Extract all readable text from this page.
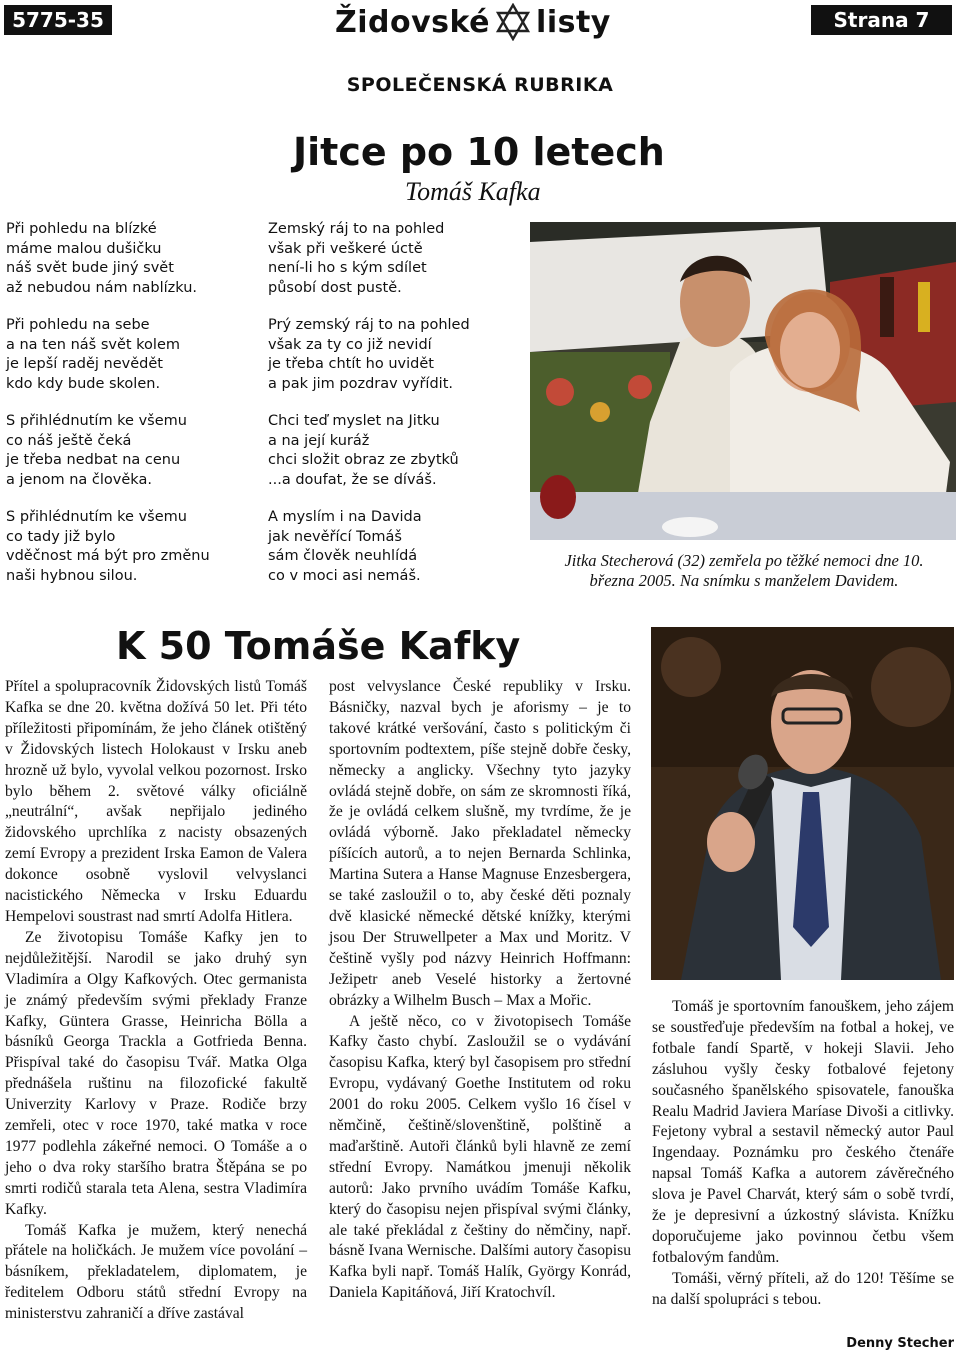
5775-35	Židovské listy	Strana 7
SPOLEČENSKÁ RUBRIKA
Jitce po 10 letech
Tomáš Kafka
Při pohledu na blízké
máme malou dušičku
náš svět bude jiný svět
až nebudou nám nablízku.
Při pohledu na sebe
a na ten náš svět kolem
je lepší raděj nevědět
kdo kdy bude skolen.
S přihlédnutím ke všemu
co náš ještě čeká
je třeba nedbat na cenu
a jenom na člověka.
S přihlédnutím ke všemu
co tady již bylo
vděčnost má být pro změnu
naši hybnou silou.
Zemský ráj to na pohled
však při veškeré úctě
není-li ho s kým sdílet
působí dost pustě.
Prý zemský ráj to na pohled
však za ty co již nevidí
je třeba chtít ho uvidět
a pak jim pozdrav vyřídit.
Chci teď myslet na Jitku
a na její kuráž
chci složit obraz ze zbytků
...a doufat, že se díváš.
A myslím i na Davida
jak nevěřící Tomáš
sám člověk neuhlídá
co v moci asi nemáš.
Jitka Stecherová (32) zemřela po těžké nemoci dne 10. března 2005. Na snímku s manželem Davidem.
K 50 Tomáše Kafky

Přítel a spolupracovník Židovských listů Tomáš Kafka se dne 20. května dožívá 50 let. Při této příležitosti připomínám, že jeho článek otištěný v Židovských listech Holokaust v Irsku aneb hrozně už bylo, vyvolal velkou pozornost. Irsko bylo během 2. světové války oficiálně „neutrální“, avšak nepřijalo jediného židovského uprchlíka z nacisty obsazených zemí Evropy a prezident Irska Eamon de Valera dokonce osobně vyslovil velvyslanci nacistického Německa v Irsku Eduardu Hempelovi soustrast nad smrtí Adolfa Hitlera.

Ze životopisu Tomáše Kafky jen to nejdůležitější. Narodil se jako druhý syn Vladimíra a Olgy Kafkových. Otec germanista je známý především svými překlady Franze Kafky, Güntera Grasse, Heinricha Bölla a básníků Georga Trackla a Gotfrieda Benna. Přispíval také do časopisu Tvář. Matka Olga přednášela ruštinu na filozofické fakultě Univerzity Karlovy v Praze. Rodiče brzy zemřeli, otec v roce 1970, také matka v roce 1977 podlehla zákeřné nemoci. O Tomáše a o jeho o dva roky staršího bratra Štěpána se po smrti rodičů starala teta Alena, sestra Vladimíra Kafky.

Tomáš Kafka je mužem, který nenechá přátele na holičkách. Je mužem více povolání – básníkem, překladatelem, diplomatem, je ředitelem Odboru států střední Evropy na ministerstvu zahraničí a dříve zastával

post velvyslance České republiky v Irsku. Básničky, nazval bych je aforismy – je to takové krátké veršování, často s politickým či sportovním podtextem, píše stejně dobře česky, německy a anglicky. Všechny tyto jazyky ovládá stejně dobře, on sám ze skromnosti říká, že je ovládá celkem slušně, my tvrdíme, že je ovládá výborně. Jako překladatel německy píšících autorů, a to nejen Bernarda Schlinka, Martina Sutera a Hanse Magnuse Enzesbergera, se také zasloužil o to, aby české děti poznaly dvě klasické německé dětské knížky, kterými jsou Der Struwellpeter a Max und Moritz. V češtině vyšly pod názvy Heinrich Hoffmann: Ježipetr aneb Veselé historky a žertovné obrázky a Wilhelm Busch – Max a Mořic.

A ještě něco, co v životopisech Tomáše Kafky často chybí. Zasloužil se o vydávání časopisu Kafka, který byl časopisem pro střední Evropu, vydávaný Goethe Institutem od roku 2001 do roku 2005. Celkem vyšlo 16 čísel v němčině, češtině/slovenštině, polštině a maďarštině. Autoři článků byli hlavně ze zemí střední Evropy. Namátkou jmenuji několik autorů: Jako prvního uvádím Tomáše Kafku, který do časopisu nejen přispíval svými články, ale také překládal z češtiny do němčiny, např. básně Ivana Wernische. Dalšími autory časopisu Kafka byli např. Tomáš Halík, György Konrád, Daniela Kapitáňová, Jiří Kratochvíl.

Tomáš je sportovním fanouškem, jeho zájem se soustřeďuje především na fotbal a hokej, ve fotbale fandí Spartě, v hokeji Slavii. Jeho zásluhou vyšly česky fotbalové fejetony současného španělského spisovatele, fanouška Realu Madrid Javiera Maríase Divoši a citlivky. Fejetony vybral a sestavil německý autor Paul Ingendaay. Poznámku pro českého čtenáře napsal Tomáš Kafka a autorem závěrečného slova je Pavel Charvát, který sám o sobě tvrdí, že je depresivní a úzkostný slávista. Knížku doporučujeme jako povinnou četbu všem fotbalovým fandům.

Tomáši, věrný příteli, až do 120! Těšíme se na další spolupráci s tebou.

Denny Stecher
